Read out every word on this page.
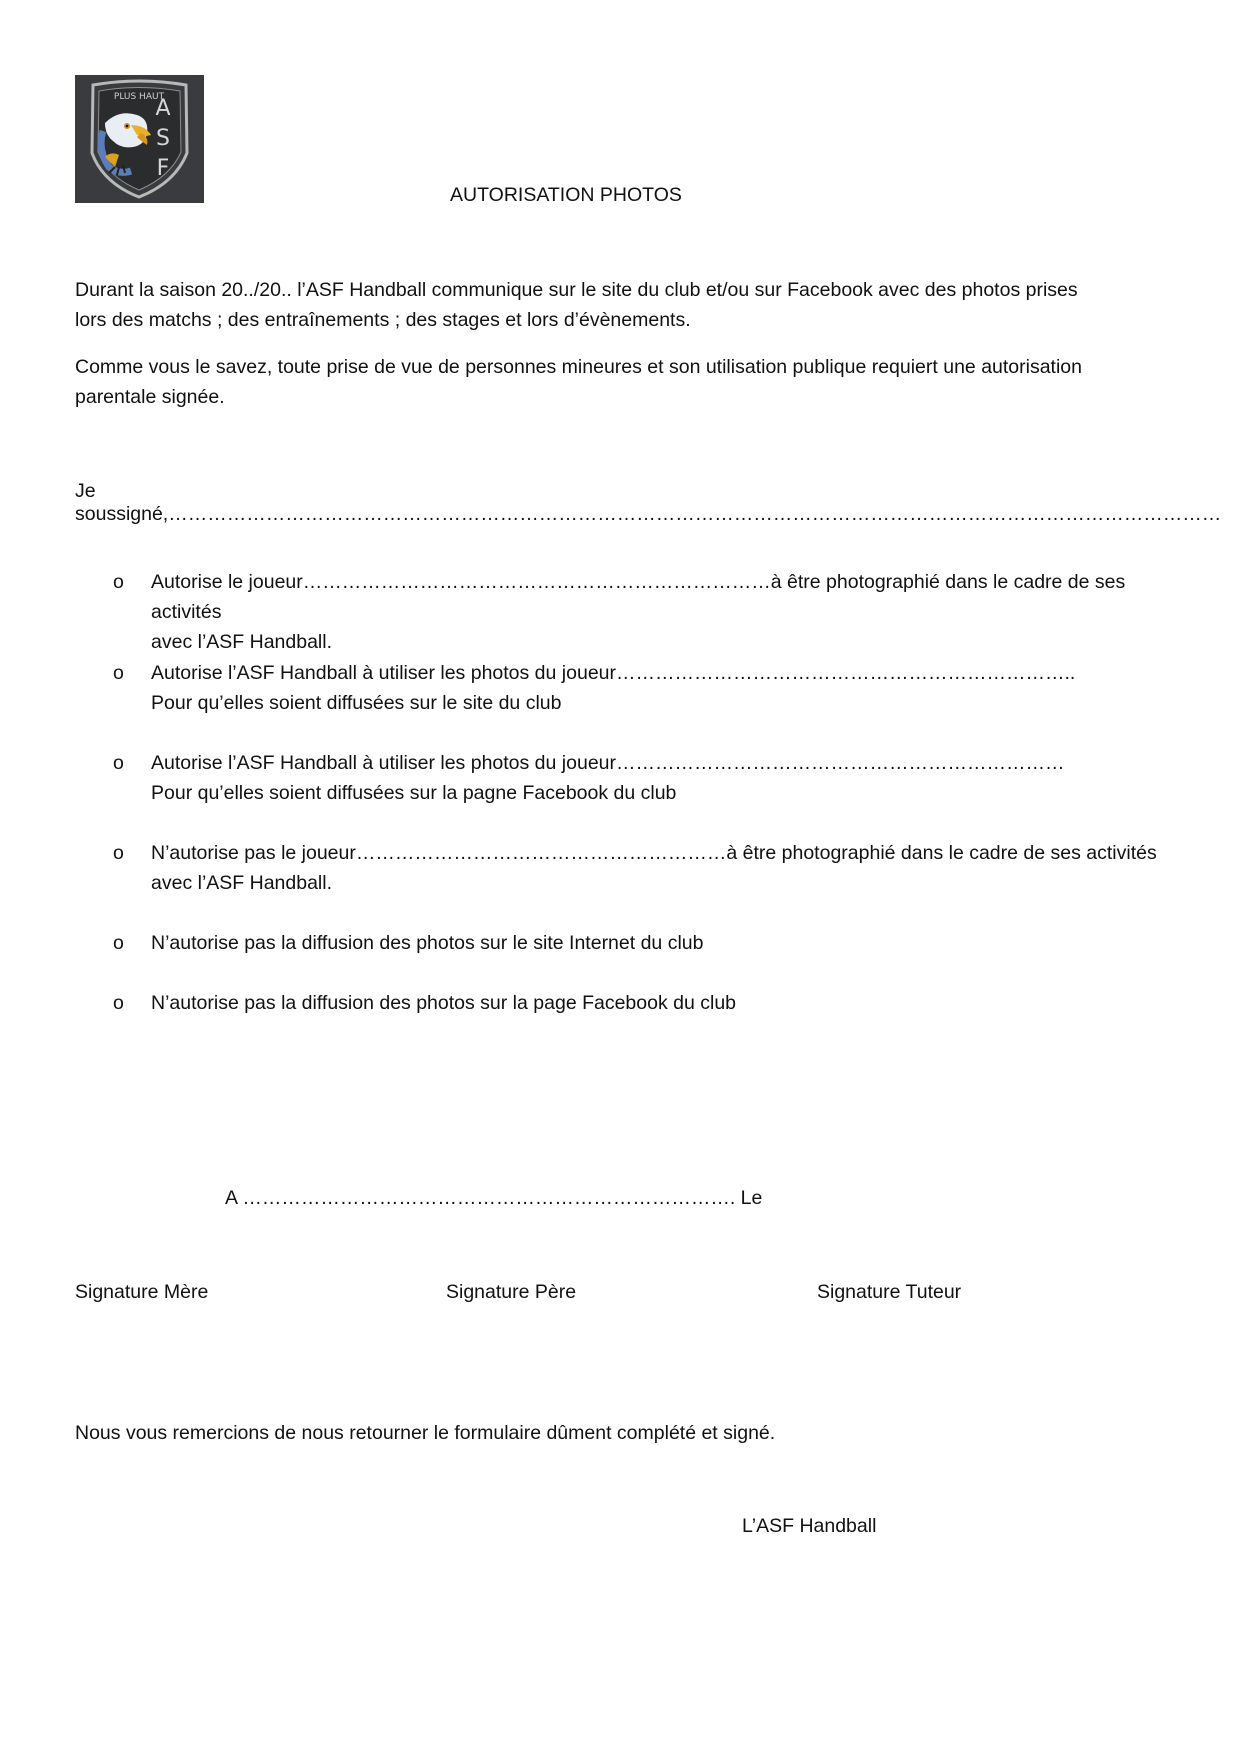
PLUS HAUT
A
S
F
AUTORISATION PHOTOS
Durant la saison 20../20.. l’ASF Handball communique sur le site du club et/ou sur Facebook avec des photos prises
lors des matchs ; des entraînements ; des stages et lors d’évènements.
Comme vous le savez, toute prise de vue de personnes mineures et son utilisation publique requiert une autorisation
parentale signée.
Je soussigné,………………………………………………………………………………………………………………………………………………
o	Autorise le joueur………………………………………………………………à être photographié dans le cadre de ses activités
avec l’ASF Handball.
o	Autorise l’ASF Handball à utiliser les photos du joueur……………………………………………………………..
Pour qu’elles soient diffusées sur le site du club
o	Autorise l’ASF Handball à utiliser les photos du joueur……………………………………………………………
Pour qu’elles soient diffusées sur la pagne Facebook du club
o	N’autorise pas le joueur…………………………………………………à être photographié dans le cadre de ses activités
avec l’ASF Handball.
o	N’autorise pas la diffusion des photos sur le site Internet du club
o	N’autorise pas la diffusion des photos sur la page Facebook du club
A …………………………………………………………………. Le
Signature Mère	Signature Père	Signature Tuteur
Nous vous remercions de nous retourner le formulaire dûment complété et signé.
L’ASF Handball
